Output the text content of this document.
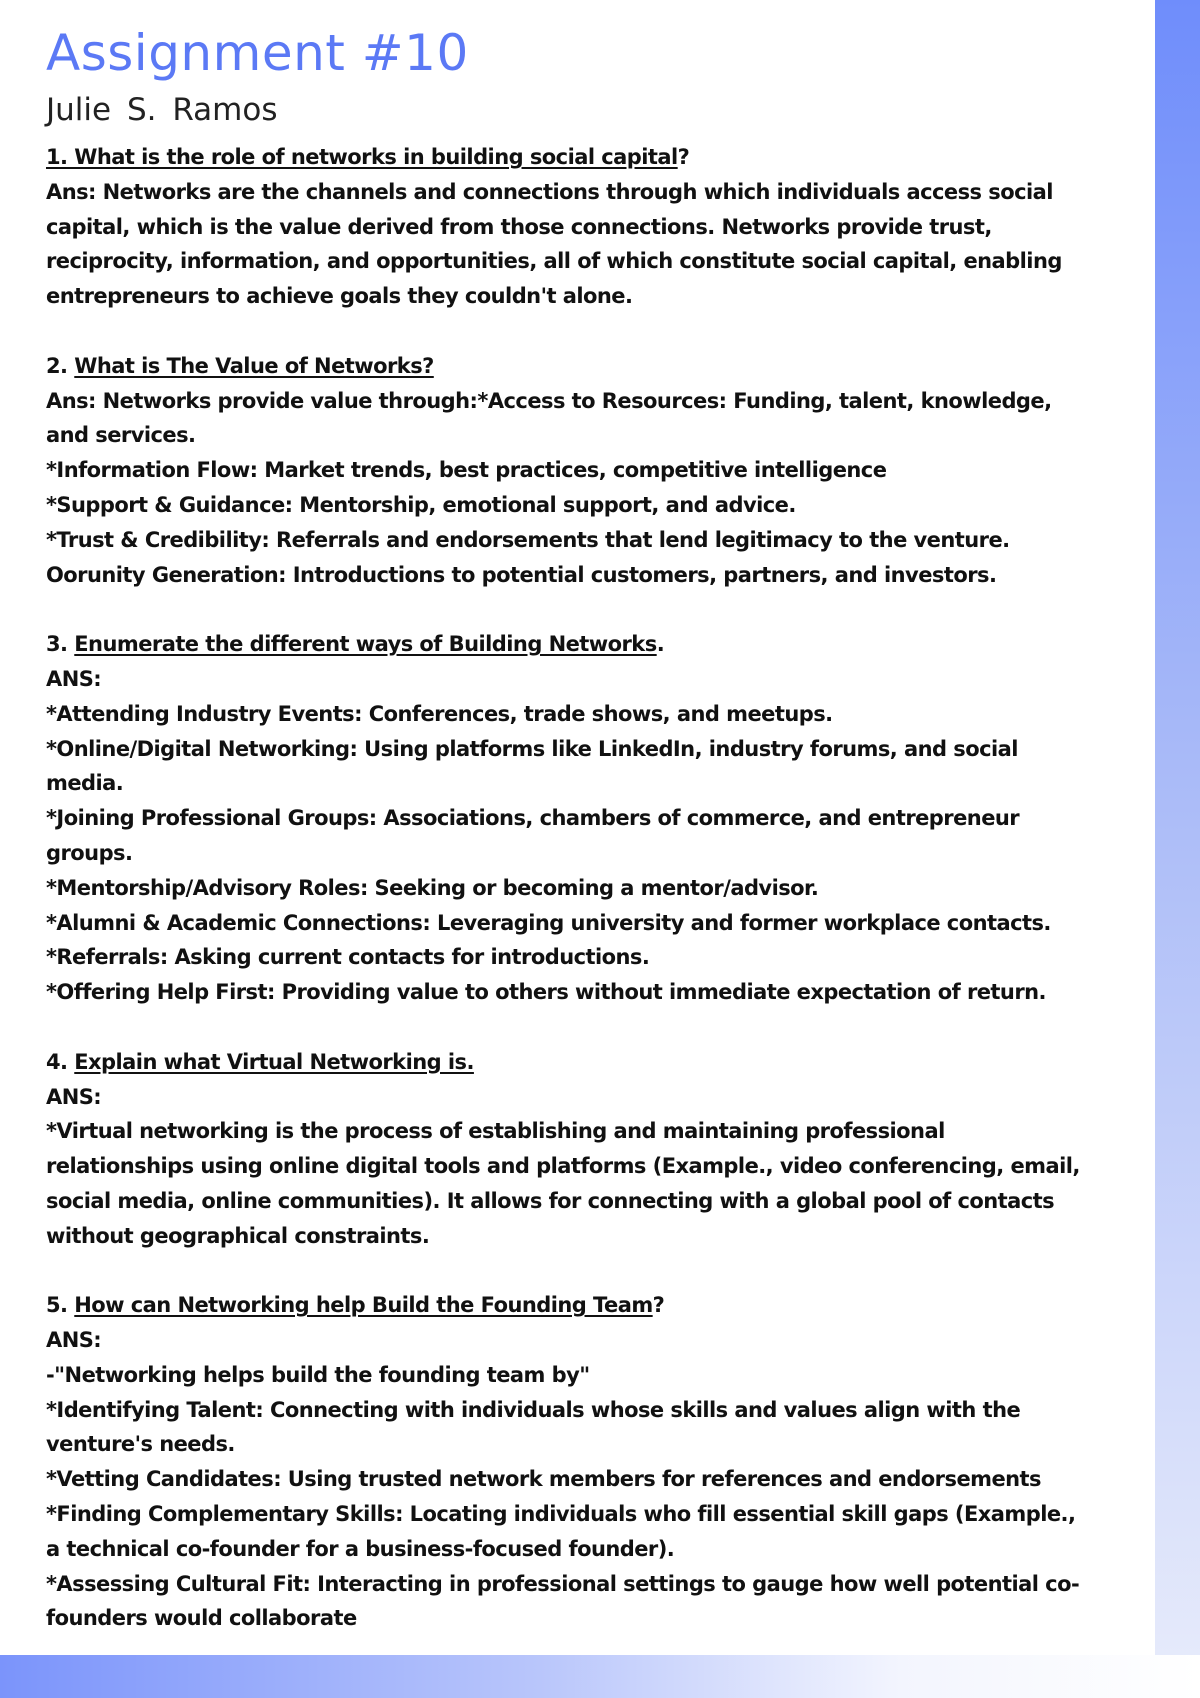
Assignment #10
Julie S. Ramos
1. What is the role of networks in building social capital?
Ans: Networks are the channels and connections through which individuals access social
capital, which is the value derived from those connections. Networks provide trust,
reciprocity, information, and opportunities, all of which constitute social capital, enabling
entrepreneurs to achieve goals they couldn't alone.
2. What is The Value of Networks?
Ans: Networks provide value through:*Access to Resources: Funding, talent, knowledge,
and services.
*Information Flow: Market trends, best practices, competitive intelligence
*Support & Guidance: Mentorship, emotional support, and advice.
*Trust & Credibility: Referrals and endorsements that lend legitimacy to the venture.
Oorunity Generation: Introductions to potential customers, partners, and investors.
3. Enumerate the different ways of Building Networks.
ANS:
*Attending Industry Events: Conferences, trade shows, and meetups.
*Online/Digital Networking: Using platforms like LinkedIn, industry forums, and social
media.
*Joining Professional Groups: Associations, chambers of commerce, and entrepreneur
groups.
*Mentorship/Advisory Roles: Seeking or becoming a mentor/advisor.
*Alumni & Academic Connections: Leveraging university and former workplace contacts.
*Referrals: Asking current contacts for introductions.
*Offering Help First: Providing value to others without immediate expectation of return.
4. Explain what Virtual Networking is.
ANS:
*Virtual networking is the process of establishing and maintaining professional
relationships using online digital tools and platforms (Example., video conferencing, email,
social media, online communities). It allows for connecting with a global pool of contacts
without geographical constraints.
5. How can Networking help Build the Founding Team?
ANS:
-"Networking helps build the founding team by"
*Identifying Talent: Connecting with individuals whose skills and values align with the
venture's needs.
*Vetting Candidates: Using trusted network members for references and endorsements
*Finding Complementary Skills: Locating individuals who fill essential skill gaps (Example.,
a technical co-founder for a business-focused founder).
*Assessing Cultural Fit: Interacting in professional settings to gauge how well potential co-
founders would collaborate
